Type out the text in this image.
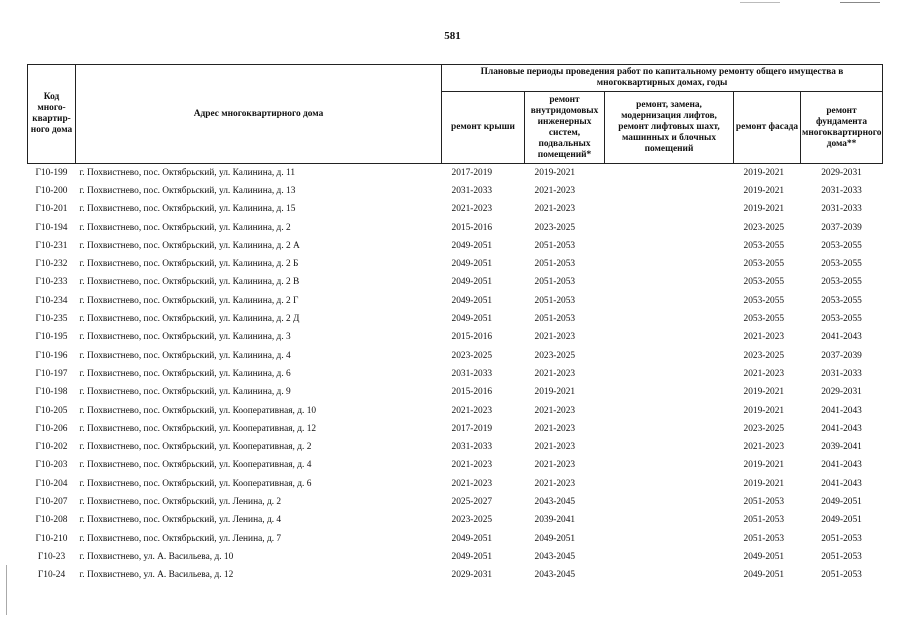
581
Код много-квартир-ного дома	Адрес многоквартирного дома	Плановые периоды проведения работ по капитальному ремонту общего имущества в многоквартирных домах, годы				
		ремонт крыши	ремонт внутридомовых инженерных систем, подвальных помещений*	ремонт, замена, модернизация лифтов, ремонт лифтовых шахт, машинных и блочных помещений	ремонт фасада	ремонт фундамента многоквартирного дома**
Г10-199	г. Похвистнево, пос. Октябрьский, ул. Калинина, д. 11	2017-2019	2019-2021		2019-2021	2029-2031
Г10-200	г. Похвистнево, пос. Октябрьский, ул. Калинина, д. 13	2031-2033	2021-2023		2019-2021	2031-2033
Г10-201	г. Похвистнево, пос. Октябрьский, ул. Калинина, д. 15	2021-2023	2021-2023		2019-2021	2031-2033
Г10-194	г. Похвистнево, пос. Октябрьский, ул. Калинина, д. 2	2015-2016	2023-2025		2023-2025	2037-2039
Г10-231	г. Похвистнево, пос. Октябрьский, ул. Калинина, д. 2 А	2049-2051	2051-2053		2053-2055	2053-2055
Г10-232	г. Похвистнево, пос. Октябрьский, ул. Калинина, д. 2 Б	2049-2051	2051-2053		2053-2055	2053-2055
Г10-233	г. Похвистнево, пос. Октябрьский, ул. Калинина, д. 2 В	2049-2051	2051-2053		2053-2055	2053-2055
Г10-234	г. Похвистнево, пос. Октябрьский, ул. Калинина, д. 2 Г	2049-2051	2051-2053		2053-2055	2053-2055
Г10-235	г. Похвистнево, пос. Октябрьский, ул. Калинина, д. 2 Д	2049-2051	2051-2053		2053-2055	2053-2055
Г10-195	г. Похвистнево, пос. Октябрьский, ул. Калинина, д. 3	2015-2016	2021-2023		2021-2023	2041-2043
Г10-196	г. Похвистнево, пос. Октябрьский, ул. Калинина, д. 4	2023-2025	2023-2025		2023-2025	2037-2039
Г10-197	г. Похвистнево, пос. Октябрьский, ул. Калинина, д. 6	2031-2033	2021-2023		2021-2023	2031-2033
Г10-198	г. Похвистнево, пос. Октябрьский, ул. Калинина, д. 9	2015-2016	2019-2021		2019-2021	2029-2031
Г10-205	г. Похвистнево, пос. Октябрьский, ул. Кооперативная, д. 10	2021-2023	2021-2023		2019-2021	2041-2043
Г10-206	г. Похвистнево, пос. Октябрьский, ул. Кооперативная, д. 12	2017-2019	2021-2023		2023-2025	2041-2043
Г10-202	г. Похвистнево, пос. Октябрьский, ул. Кооперативная, д. 2	2031-2033	2021-2023		2021-2023	2039-2041
Г10-203	г. Похвистнево, пос. Октябрьский, ул. Кооперативная, д. 4	2021-2023	2021-2023		2019-2021	2041-2043
Г10-204	г. Похвистнево, пос. Октябрьский, ул. Кооперативная, д. 6	2021-2023	2021-2023		2019-2021	2041-2043
Г10-207	г. Похвистнево, пос. Октябрьский, ул. Ленина, д. 2	2025-2027	2043-2045		2051-2053	2049-2051
Г10-208	г. Похвистнево, пос. Октябрьский, ул. Ленина, д. 4	2023-2025	2039-2041		2051-2053	2049-2051
Г10-210	г. Похвистнево, пос. Октябрьский, ул. Ленина, д. 7	2049-2051	2049-2051		2051-2053	2051-2053
Г10-23	г. Похвистнево, ул. А. Васильева, д. 10	2049-2051	2043-2045		2049-2051	2051-2053
Г10-24	г. Похвистнево, ул. А. Васильева, д. 12	2029-2031	2043-2045		2049-2051	2051-2053
